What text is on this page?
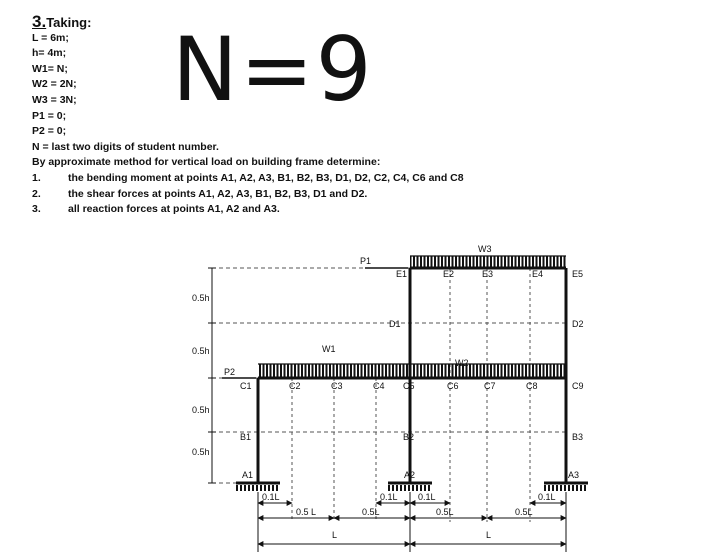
3.Taking:
L = 6m;
h= 4m;
W1= N;
W2 = 2N;
W3 = 3N;
P1 = 0;
P2 = 0;
N = last two digits of student number.
By approximate method for vertical load on building frame determine:
1.	the bending moment at points A1, A2, A3, B1, B2, B3, D1, D2, C2, C4, C6 and C8
2.	the shear forces at points A1, A2, A3, B1, B2, B3, D1 and D2.
3.	all reaction forces at points A1, A2 and A3.
N=9
W3
P1
W1
W2
P2
E1	E2	E3	E4	E5
D1	D2
C1	C2	C3	C4 C5	C6	C7	C8	C9
B1	B2	B3
A1	A2	A3
0.5h
0.5h
0.5h
0.5h
0.1L	0.1L 0.1L	0.1L
0.5 L	0.5L	0.5L	0.5L
L	L
